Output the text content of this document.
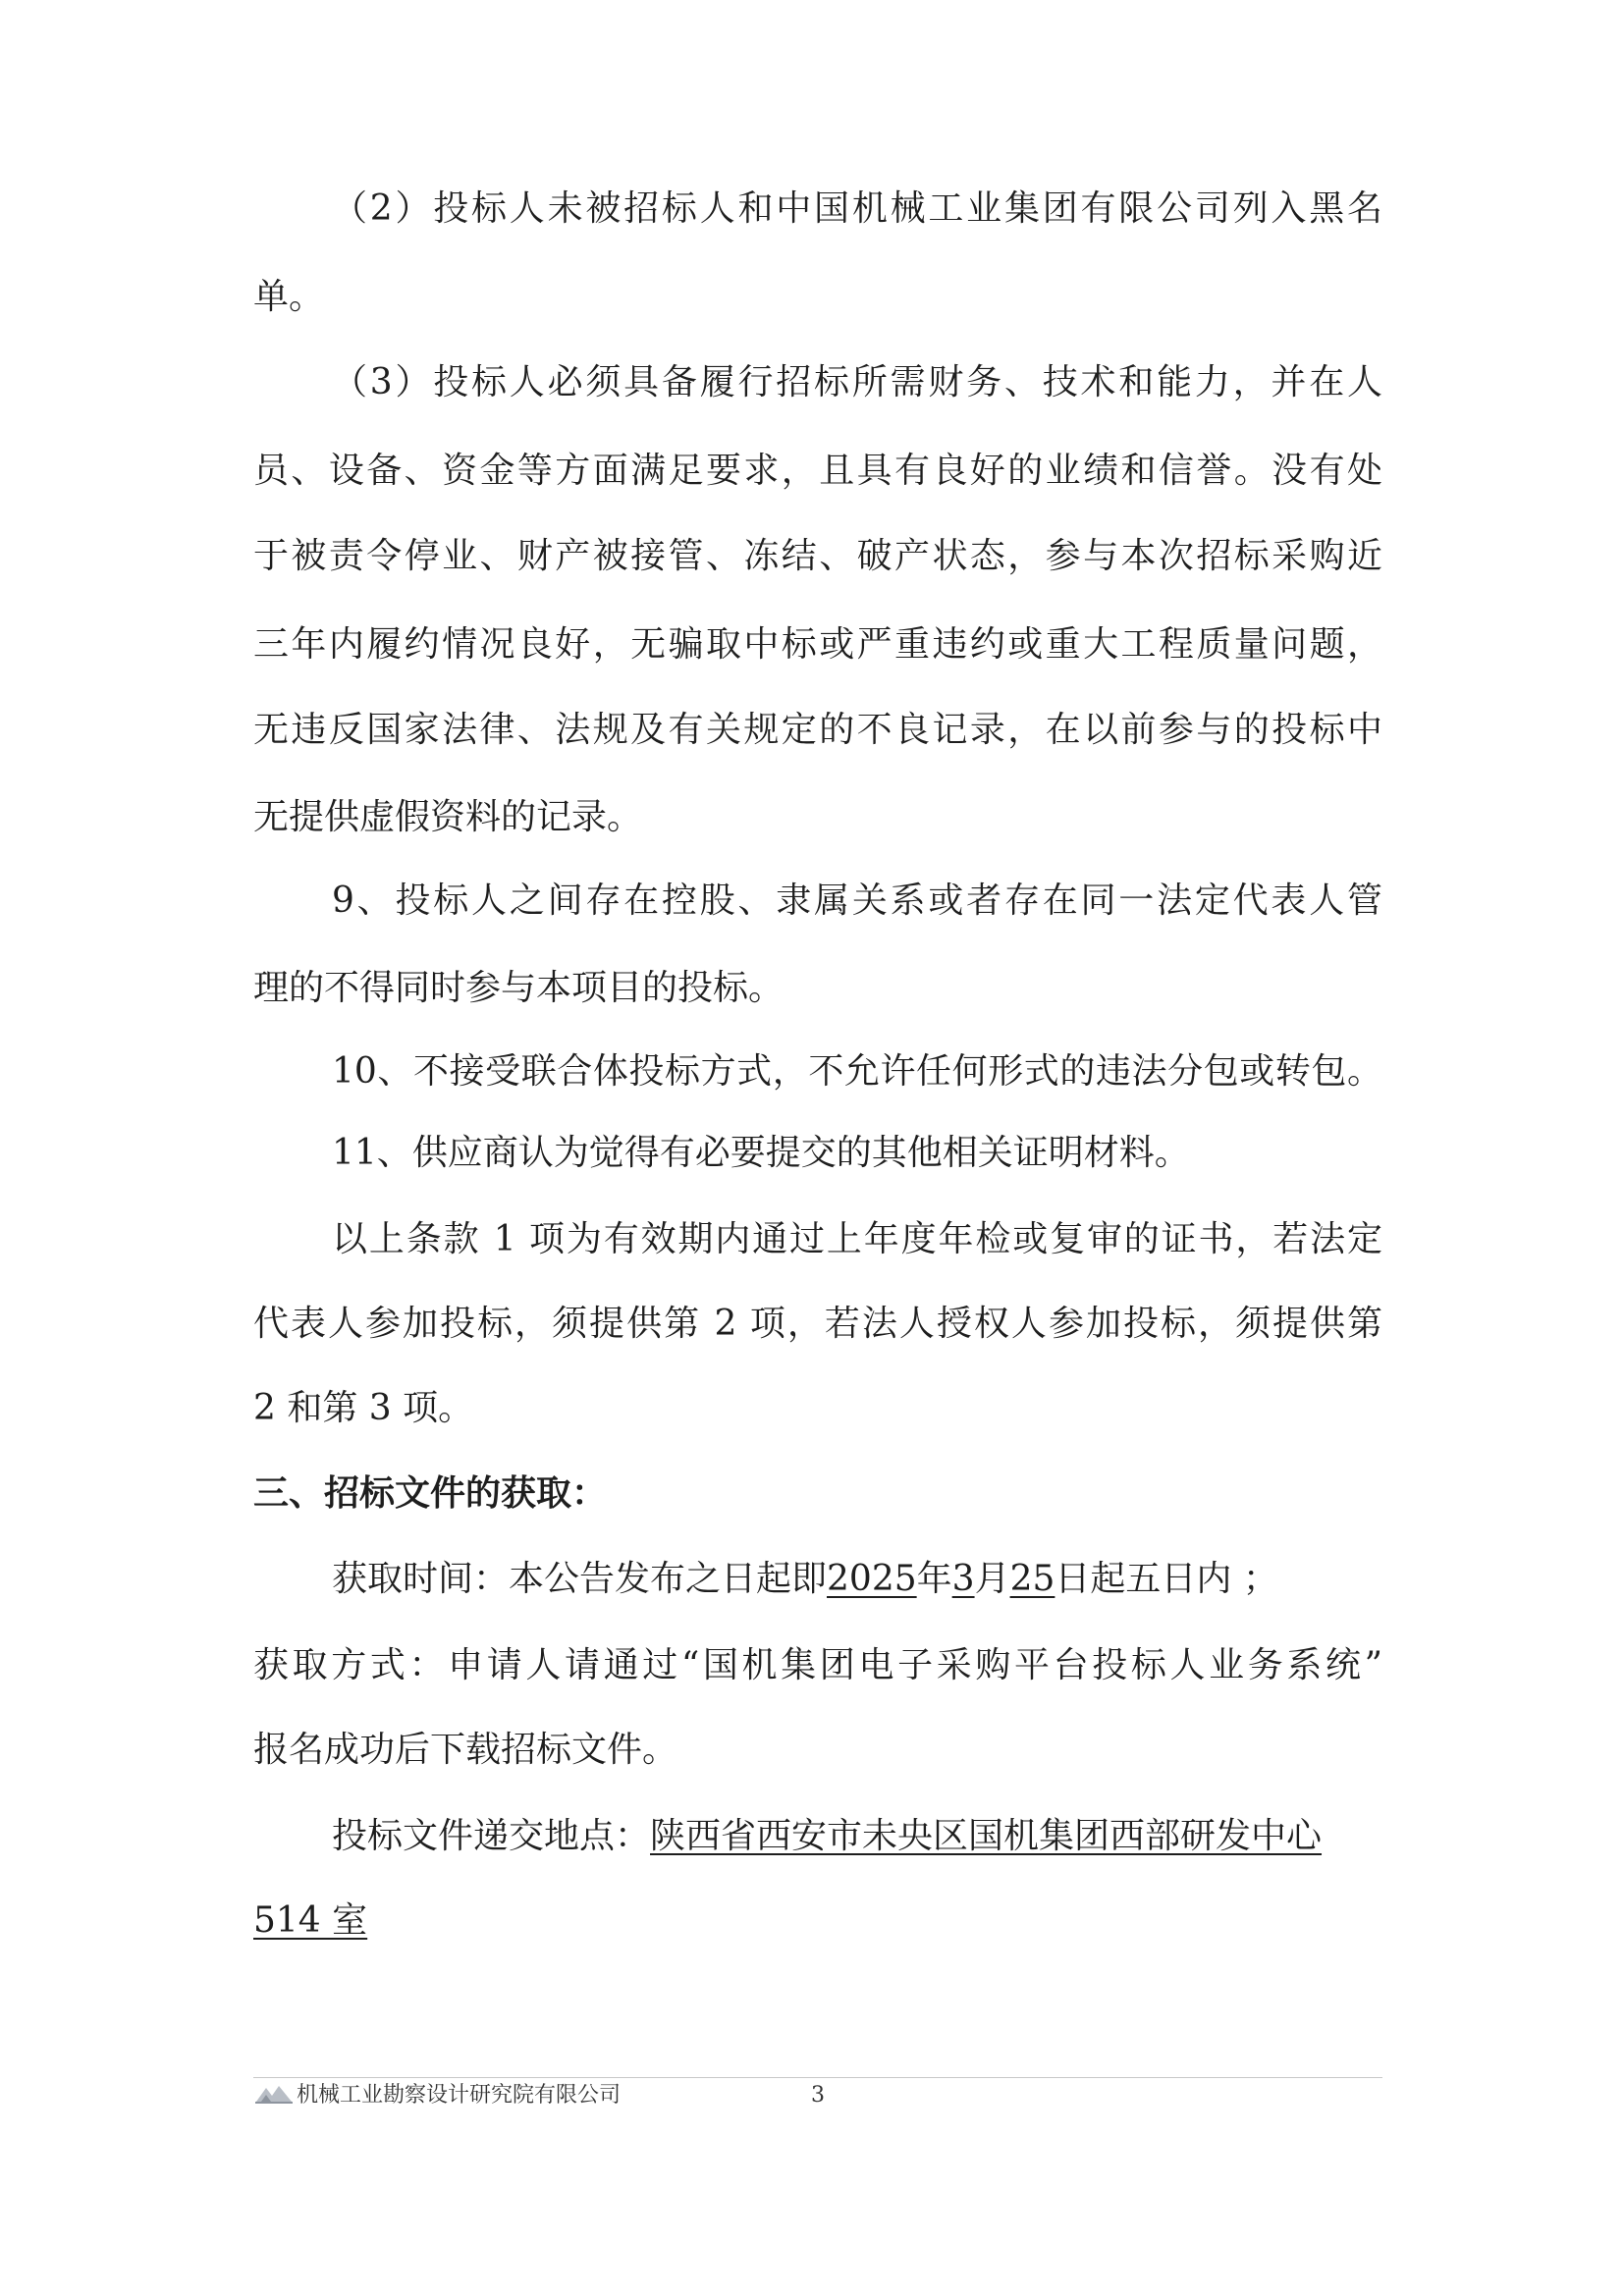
（2）投标人未被招标人和中国机械工业集团有限公司列入黑名
单。
（3）投标人必须具备履行招标所需财务、技术和能力，并在人
员、设备、资金等方面满足要求，且具有良好的业绩和信誉。没有处
于被责令停业、财产被接管、冻结、破产状态，参与本次招标采购近
三年内履约情况良好，无骗取中标或严重违约或重大工程质量问题，
无违反国家法律、法规及有关规定的不良记录，在以前参与的投标中
无提供虚假资料的记录。
9、投标人之间存在控股、隶属关系或者存在同一法定代表人管
理的不得同时参与本项目的投标。
10、不接受联合体投标方式，不允许任何形式的违法分包或转包。
11、供应商认为觉得有必要提交的其他相关证明材料。
以上条款 1 项为有效期内通过上年度年检或复审的证书，若法定
代表人参加投标，须提供第 2 项，若法人授权人参加投标，须提供第
2 和第 3 项。
三、招标文件的获取：
获取时间：本公告发布之日起即2025年3月25日起五日内 ；
获取方式：申请人请通过“国机集团电子采购平台投标人业务系统”
报名成功后下载招标文件。
投标文件递交地点：陕西省西安市未央区国机集团西部研发中心
514 室
机械工业勘察设计研究院有限公司	3
